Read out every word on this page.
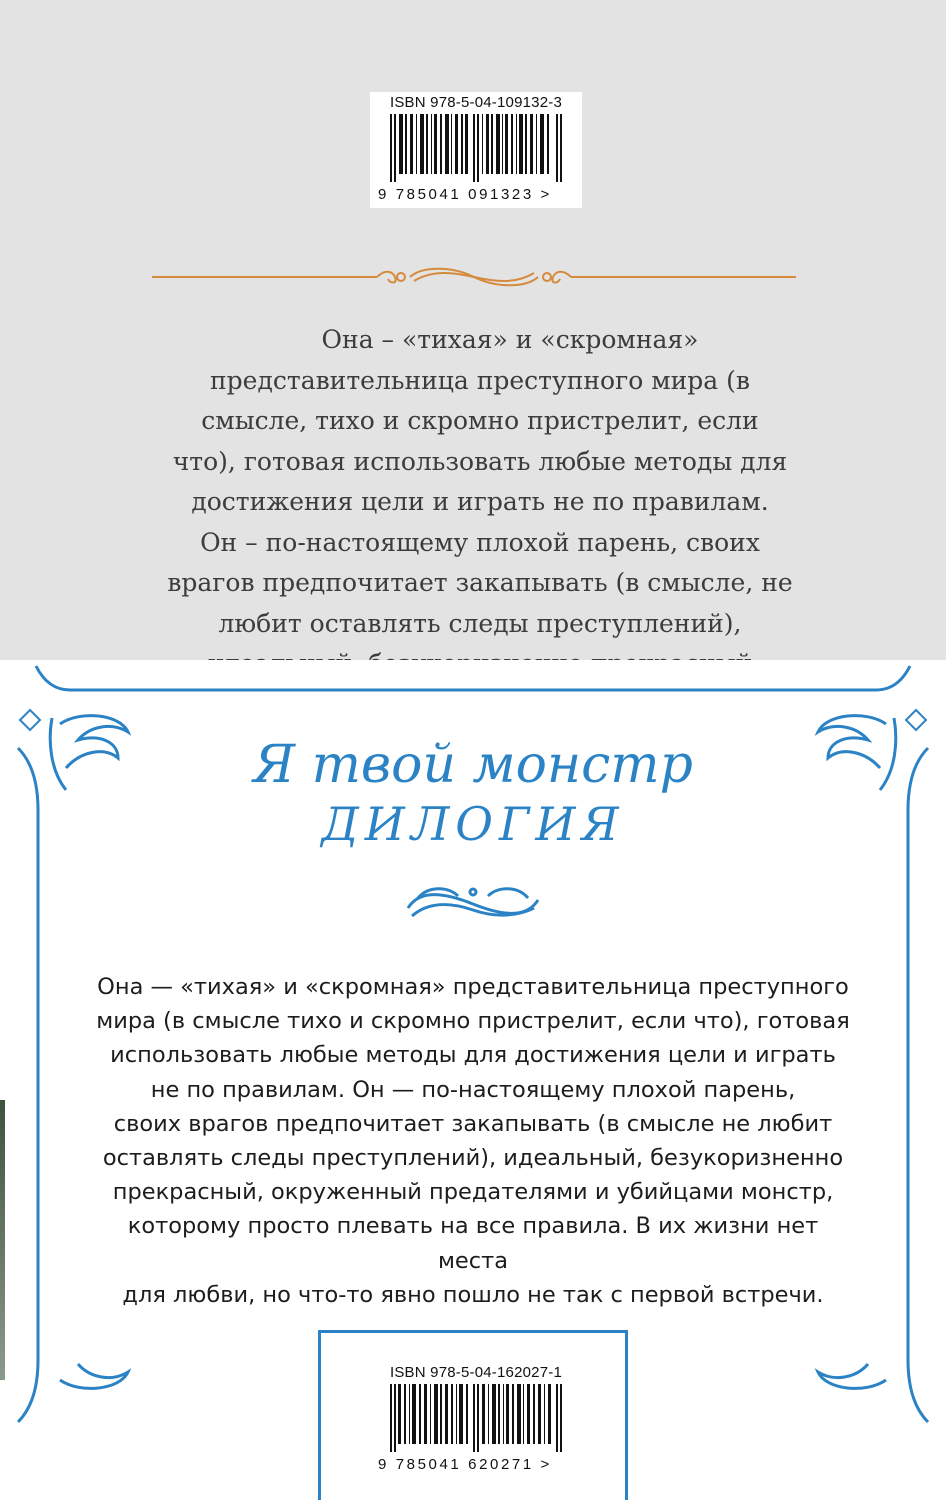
ISBN 978-5-04-109132-3
9 785041 091323 >

Она – «тихая» и «скромная»

представительница преступного мира (в

смысле, тихо и скромно пристрелит, если

что), готовая использовать любые методы для

достижения цели и играть не по правилам.

Он – по-настоящему плохой парень, своих

врагов предпочитает закапывать (в смысле, не

любит оставлять следы преступлений),

Я твой монстр
ДИЛОГИЯ

Она — «тихая» и «скромная» представительница преступного

мира (в смысле тихо и скромно пристрелит, если что), готовая

использовать любые методы для достижения цели и играть

не по правилам. Он — по-настоящему плохой парень,

своих врагов предпочитает закапывать (в смысле не любит

оставлять следы преступлений), идеальный, безукоризненно

прекрасный, окруженный предателями и убийцами монстр,

которому просто плевать на все правила. В их жизни нет места

для любви, но что-то явно пошло не так с первой встречи.

ISBN 978-5-04-162027-1
9 785041 620271 >
